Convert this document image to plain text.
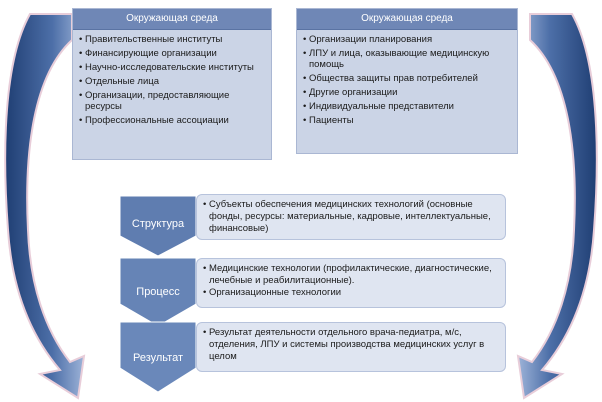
Окружающая среда
• Правительственные институты
• Финансирующие организации
• Научно-исследовательские институты
• Отдельные лица
• Организации, предоставляющие ресурсы
• Профессиональные ассоциации
Окружающая среда
• Организации планирования
• ЛПУ и лица, оказывающие медицинскую помощь
• Общества защиты прав потребителей
• Другие организации
• Индивидуальные представители
• Пациенты
Структура
Процесс
Результат
• Субъекты обеспечения медицинских технологий (основные фонды, ресурсы: материальные, кадровые, интеллектуальные, финансовые)
• Медицинские технологии (профилактические, диагностические, лечебные и реабилитационные).
• Организационные технологии
• Результат деятельности отдельного врача-педиатра, м/с, отделения, ЛПУ и системы производства медицинских услуг в целом
